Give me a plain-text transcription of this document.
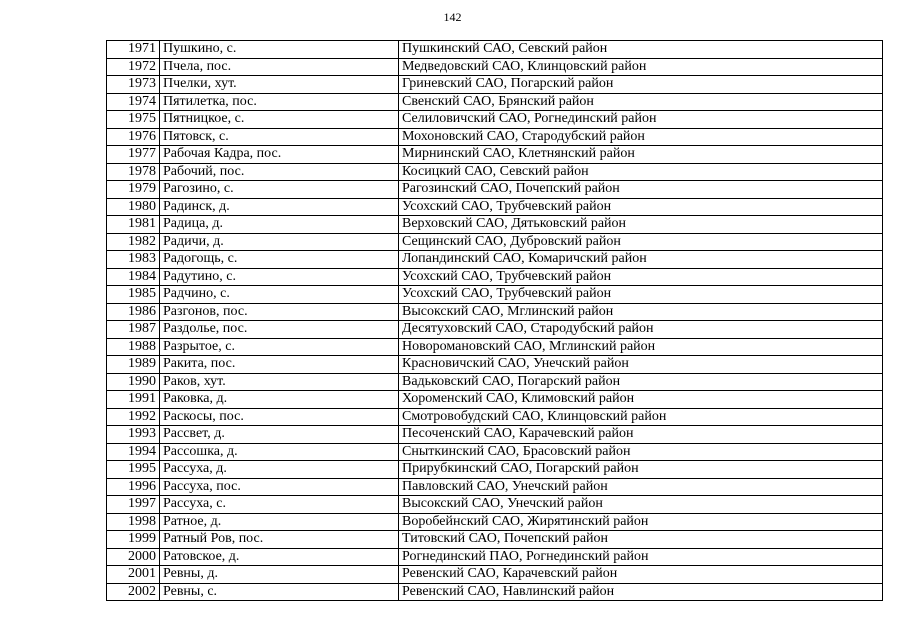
142
1971	Пушкино, с.	Пушкинский САО, Севский район
1972	Пчела, пос.	Медведовский САО, Клинцовский район
1973	Пчелки, хут.	Гриневский САО, Погарский район
1974	Пятилетка, пос.	Свенский САО, Брянский район
1975	Пятницкое, с.	Селиловичский САО, Рогнединский район
1976	Пятовск, с.	Мохоновский САО, Стародубский район
1977	Рабочая Кадра, пос.	Мирнинский САО, Клетнянский район
1978	Рабочий, пос.	Косицкий САО, Севский район
1979	Рагозино, с.	Рагозинский САО, Почепский район
1980	Радинск, д.	Усохский САО, Трубчевский район
1981	Радица, д.	Верховский САО, Дятьковский район
1982	Радичи, д.	Сещинский САО, Дубровский район
1983	Радогощь, с.	Лопандинский САО, Комаричский район
1984	Радутино, с.	Усохский САО, Трубчевский район
1985	Радчино, с.	Усохский САО, Трубчевский район
1986	Разгонов, пос.	Высокский САО, Мглинский район
1987	Раздолье, пос.	Десятуховский САО, Стародубский район
1988	Разрытое, с.	Новоромановский САО, Мглинский район
1989	Ракита, пос.	Красновичский САО, Унечский район
1990	Раков, хут.	Вадьковский САО, Погарский район
1991	Раковка, д.	Хороменский САО, Климовский район
1992	Раскосы, пос.	Смотровобудский САО, Клинцовский район
1993	Рассвет, д.	Песоченский САО, Карачевский район
1994	Рассошка, д.	Сныткинский САО, Брасовский район
1995	Рассуха, д.	Прирубкинский САО, Погарский район
1996	Рассуха, пос.	Павловский САО, Унечский район
1997	Рассуха, с.	Высокский САО, Унечский район
1998	Ратное, д.	Воробейнский САО, Жирятинский район
1999	Ратный Ров, пос.	Титовский САО, Почепский район
2000	Ратовское, д.	Рогнединский ПАО, Рогнединский район
2001	Ревны, д.	Ревенский САО, Карачевский район
2002	Ревны, с.	Ревенский САО, Навлинский район
